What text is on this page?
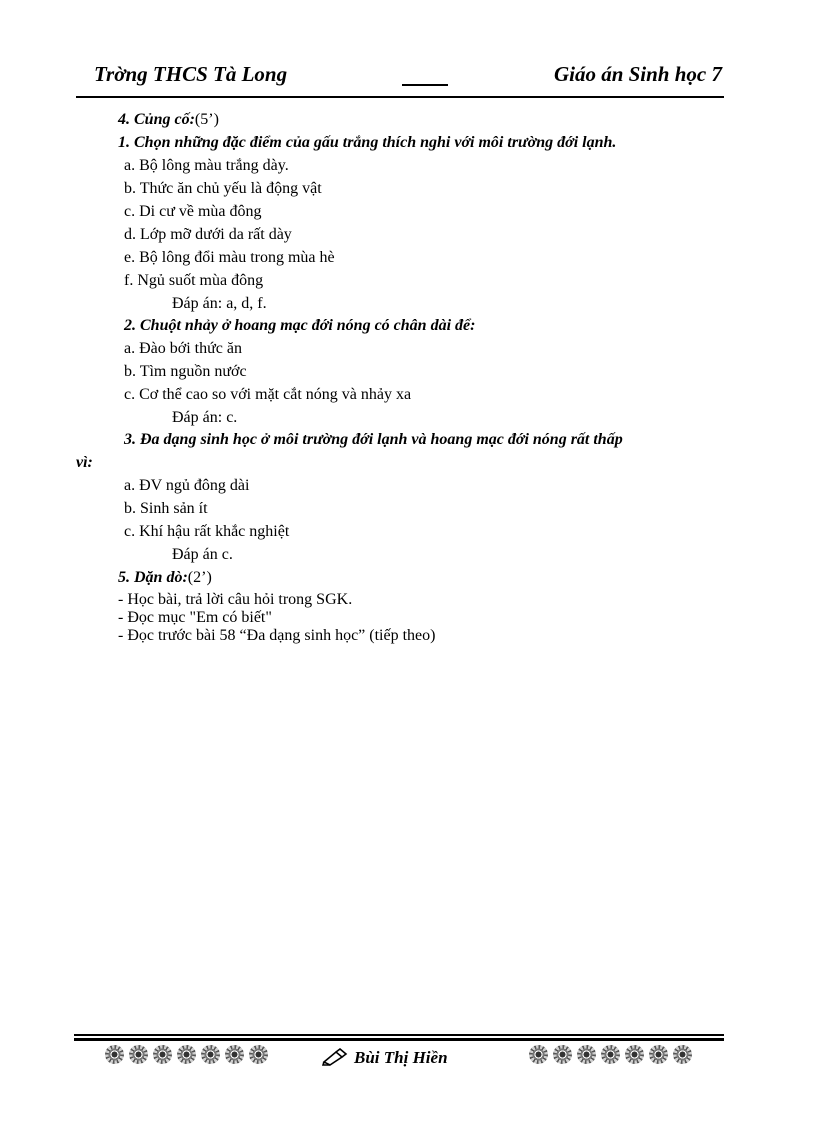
Trờng THCS Tà Long	Giáo án Sinh học 7
4. Củng cố:(5’)
1. Chọn những đặc điểm của gấu trắng thích nghi với môi trường đới lạnh.
a. Bộ lông màu trắng dày.
b. Thức ăn chủ yếu là động vật
c. Di cư về mùa đông
d. Lớp mỡ dưới da rất dày
e. Bộ lông đổi màu trong mùa hè
f. Ngủ suốt mùa đông
Đáp án: a, d, f.
2. Chuột nhảy ở hoang mạc đới nóng có chân dài để:
a. Đào bới thức ăn
b. Tìm nguồn nước
c. Cơ thể cao so với mặt cắt nóng và nhảy xa
Đáp án: c.
3. Đa dạng sinh học ở môi trường đới lạnh và hoang mạc đới nóng rất thấp
vì:
a. ĐV ngủ đông dài
b. Sinh sản ít
c. Khí hậu rất khắc nghiệt
Đáp án c.
5. Dặn dò:(2’)
- Học bài, trả lời câu hỏi trong SGK.
- Đọc mục "Em có biết"
- Đọc trước bài 58 “Đa dạng sinh học” (tiếp theo)
Bùi Thị Hiền
